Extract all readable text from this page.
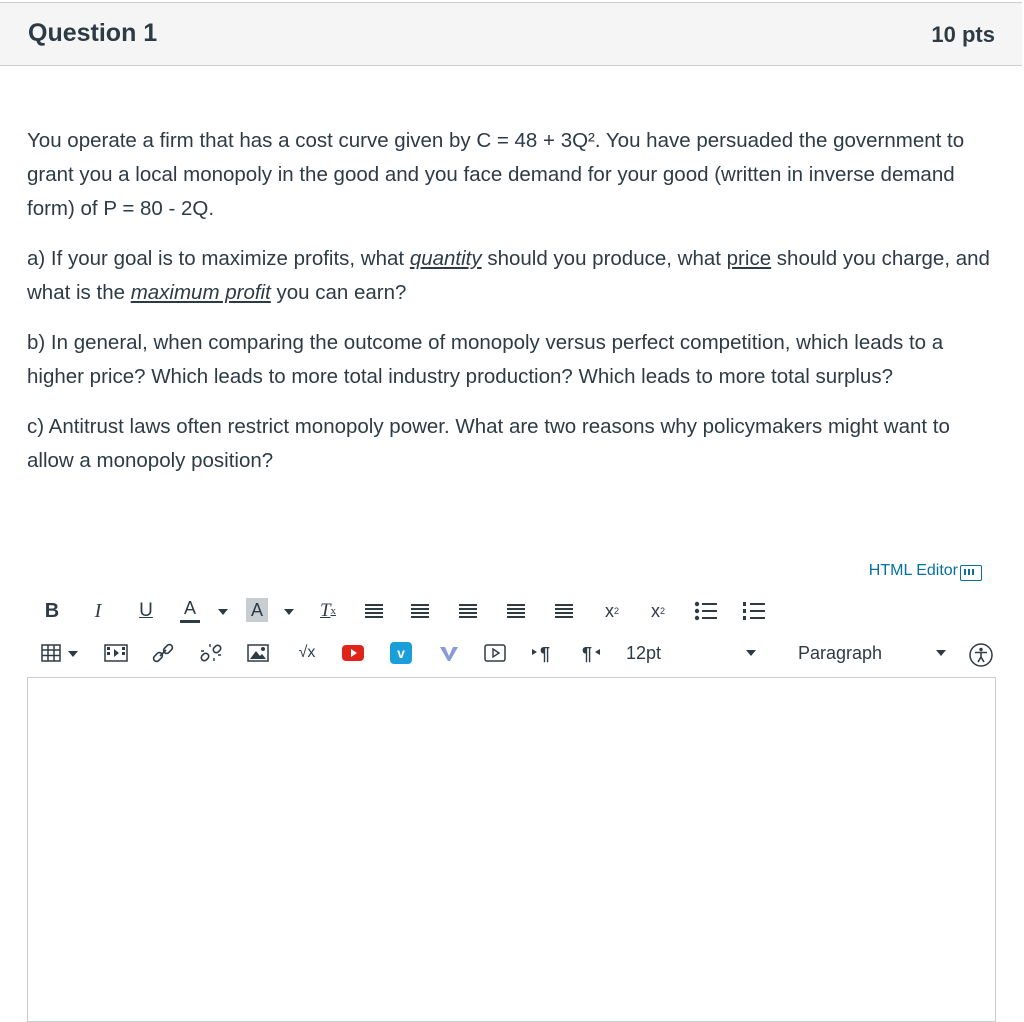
Question 1	10 pts

You operate a firm that has a cost curve given by C = 48 + 3Q². You have persuaded the government to grant you a local monopoly in the good and you face demand for your good (written in inverse demand form) of P = 80 - 2Q.

a) If your goal is to maximize profits, what quantity should you produce, what price should you charge, and what is the maximum profit you can earn?

b) In general, when comparing the outcome of monopoly versus perfect competition, which leads to a higher price? Which leads to more total industry production? Which leads to more total surplus?

c) Antitrust laws often restrict monopoly power. What are two reasons why policymakers might want to allow a monopoly position?

HTML Editor
B	I	U A	A	T x	x 2 x 2
√x	v	¶ ¶ 12pt	Paragraph
